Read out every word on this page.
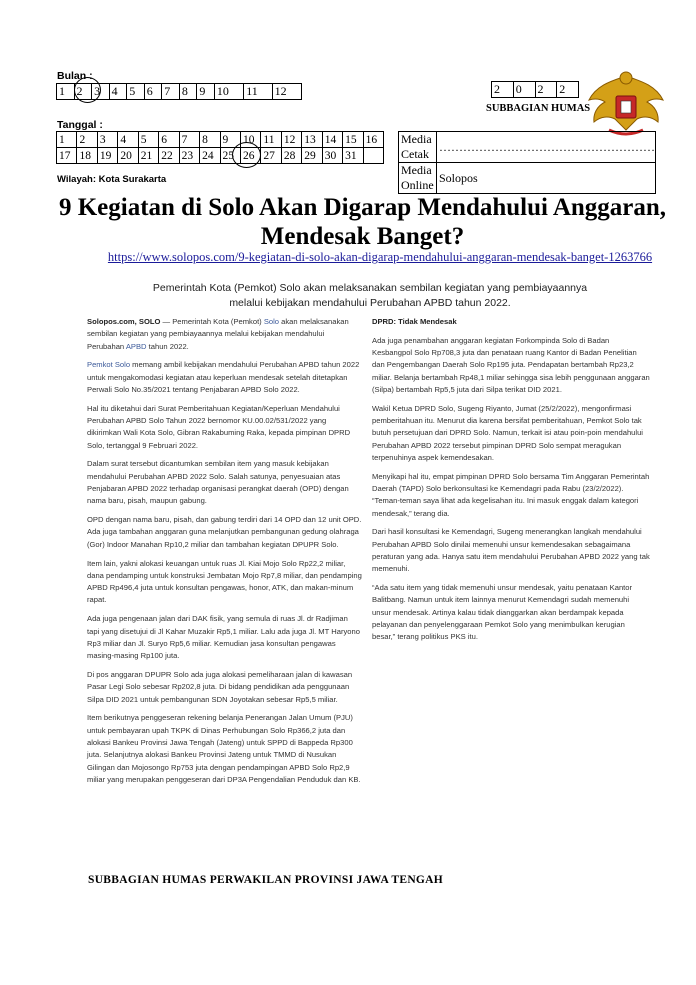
Bulan :
1	2	3	4	5	6	7	8	9	10	11	12	2	0	2	2
SUBBAGIAN HUMAS
Tanggal :
1	2	3	4	5	6	7	8	9	10	11	12	13	14	15	16
17	18	19	20	21	22	23	24	25	26	27	28	29	30	31	
Media Cetak	………………………………………………
Media Online	Solopos
Wilayah: Kota Surakarta
9 Kegiatan di Solo Akan Digarap Mendahului Anggaran,
Mendesak Banget?
https://www.solopos.com/9-kegiatan-di-solo-akan-digarap-mendahului-anggaran-mendesak-banget-1263766
Pemerintah Kota (Pemkot) Solo akan melaksanakan sembilan kegiatan yang pembiayaannya melalui kebijakan mendahului Perubahan APBD tahun 2022.

Solopos.com, SOLO — Pemerintah Kota (Pemkot) Solo akan melaksanakan sembilan kegiatan yang pembiayaannya melalui kebijakan mendahului Perubahan APBD tahun 2022.

Pemkot Solo memang ambil kebijakan mendahului Perubahan APBD tahun 2022 untuk mengakomodasi kegiatan atau keperluan mendesak setelah ditetapkan Perwali Solo No.35/2021 tentang Penjabaran APBD Solo 2022.

Hal itu diketahui dari Surat Pemberitahuan Kegiatan/Keperluan Mendahului Perubahan APBD Solo Tahun 2022 bernomor KU.00.02/531/2022 yang dikirimkan Wali Kota Solo, Gibran Rakabuming Raka, kepada pimpinan DPRD Solo, tertanggal 9 Februari 2022.

Dalam surat tersebut dicantumkan sembilan item yang masuk kebijakan mendahului Perubahan APBD 2022 Solo. Salah satunya, penyesuaian atas Penjabaran APBD 2022 terhadap organisasi perangkat daerah (OPD) dengan nama baru, pisah, maupun gabung.

OPD dengan nama baru, pisah, dan gabung terdiri dari 14 OPD dan 12 unit OPD. Ada juga tambahan anggaran guna melanjutkan pembangunan gedung olahraga (Gor) Indoor Manahan Rp10,2 miliar dan tambahan kegiatan DPUPR Solo.

Item lain, yakni alokasi keuangan untuk ruas Jl. Kiai Mojo Solo Rp22,2 miliar, dana pendamping untuk konstruksi Jembatan Mojo Rp7,8 miliar, dan pendamping APBD Rp496,4 juta untuk konsultan pengawas, honor, ATK, dan makan-minum rapat.

Ada juga pengenaan jalan dari DAK fisik, yang semula di ruas Jl. dr Radjiman tapi yang disetujui di Jl Kahar Muzakir Rp5,1 miliar. Lalu ada juga Jl. MT Haryono Rp3 miliar dan Jl. Suryo Rp5,6 miliar. Kemudian jasa konsultan pengawas masing-masing Rp100 juta.

Di pos anggaran DPUPR Solo ada juga alokasi pemeliharaan jalan di kawasan Pasar Legi Solo sebesar Rp202,8 juta. Di bidang pendidikan ada penggunaan Silpa DID 2021 untuk pembangunan SDN Joyotakan sebesar Rp5,5 miliar.

Item berikutnya penggeseran rekening belanja Penerangan Jalan Umum (PJU) untuk pembayaran upah TKPK di Dinas Perhubungan Solo Rp366,2 juta dan alokasi Bankeu Provinsi Jawa Tengah (Jateng) untuk SPPD di Bappeda Rp300 juta. Selanjutnya alokasi Bankeu Provinsi Jateng untuk TMMD di Nusukan Gilingan dan Mojosongo Rp753 juta dengan pendampingan APBD Solo Rp2,9 miliar yang merupakan penggeseran dari DP3A Pengendalian Penduduk dan KB.

DPRD: Tidak Mendesak

Ada juga penambahan anggaran kegiatan Forkompinda Solo di Badan Kesbangpol Solo Rp708,3 juta dan penataan ruang Kantor di Badan Penelitian dan Pengembangan Daerah Solo Rp195 juta. Pendapatan bertambah Rp23,2 miliar. Belanja bertambah Rp48,1 miliar sehingga sisa lebih penggunaan anggaran (Silpa) bertambah Rp5,5 juta dari Silpa terikat DID 2021.

Wakil Ketua DPRD Solo, Sugeng Riyanto, Jumat (25/2/2022), mengonfirmasi pemberitahuan itu. Menurut dia karena bersifat pemberitahuan, Pemkot Solo tak butuh persetujuan dari DPRD Solo. Namun, terkait isi atau poin-poin mendahului Perubahan APBD 2022 tersebut pimpinan DPRD Solo sempat meragukan terpenuhinya aspek kemendesakan.

Menyikapi hal itu, empat pimpinan DPRD Solo bersama Tim Anggaran Pemerintah Daerah (TAPD) Solo berkonsultasi ke Kemendagri pada Rabu (23/2/2022). “Teman-teman saya lihat ada kegelisahan itu. Ini masuk enggak dalam kategori mendesak,” terang dia.

Dari hasil konsultasi ke Kemendagri, Sugeng menerangkan langkah mendahului Perubahan APBD Solo dinilai memenuhi unsur kemendesakan sebagaimana peraturan yang ada. Hanya satu item mendahului Perubahan APBD 2022 yang tak memenuhi.

“Ada satu item yang tidak memenuhi unsur mendesak, yaitu penataan Kantor Balitbang. Namun untuk item lainnya menurut Kemendagri sudah memenuhi unsur mendesak. Artinya kalau tidak dianggarkan akan berdampak kepada pelayanan dan penyelenggaraan Pemkot Solo yang menimbulkan kerugian besar,” terang politikus PKS itu.

SUBBAGIAN HUMAS PERWAKILAN PROVINSI JAWA TENGAH
